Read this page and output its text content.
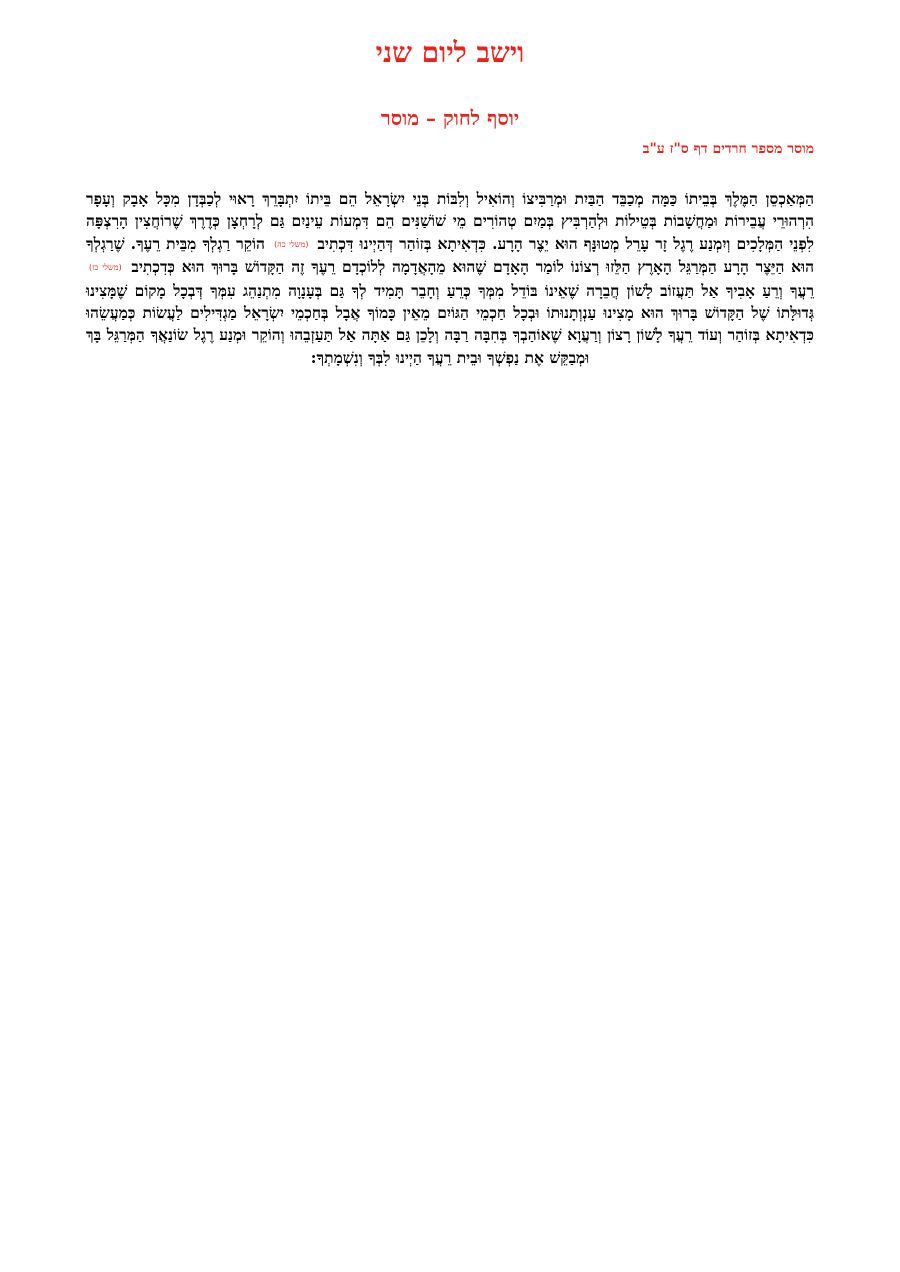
וישב ליום שני
יוסף לחוק – מוסר
מוסר מספר חרדים דף ס"ז ע"ב

הַמְּאַכְסֵן הַמֶּלֶךְ בְּבֵיתוֹ כַּמָּה מְכַבֵּד הַבַּיִת וּמְרַבִּיצוֹ וְהוֹאִיל וְלִבּוֹת בְּנֵי יִשְׂרָאֵל הֵם בֵּיתוֹ יִתְבָּרֵךְ רָאוּי לְכַבְּדָן מִכָּל אָבָק וְעָפָר הִרְהוּרֵי עֲבֵירוֹת וּמַחֲשָׁבוֹת בְּטֵילוֹת וּלְהַרְבִּיץ בְּמַיִם טְהוֹרִים מֵי שׁוֹשַׁנִּים הֵם דִּמְעוֹת עֵינַיִם גַּם לְרָחְצָן כְּדֶרֶךְ שֶׁרוֹחֲצִין הָרִצְפָּה לִפְנֵי הַמְּלָכִים וְיִמְנַע רֶגֶל זָר עָרֵל מְטוּנָּף הוּא יֵצֶר הָרָע. כִּדְאִיתָא בְּזוֹהַר דְּהַיְינוּ דִּכְתִיב (משלי כה) הוֹקֵר רַגְלְךָ מִבֵּית רֵעֶךָ. שֶׁרַגְלְךָ הוּא הַיֵּצֶר הָרָע הַמְּרַגֵּל הָאָרֶץ הַלֵּזוּ רְצוֹנוֹ לוֹמַר הָאָדָם שֶׁהוּא מֵהָאֲדָמָה לְלוֹכְדָם רֵעֶךָ זֶה הַקָּדוֹשׁ בָּרוּךְ הוּא כְּדִכְתִיב (משלי כז) רֵעֲךָ וְרֵעַ אָבִיךָ אַל תַּעֲזוֹב לָשׁוֹן חֲבֵרָה שֶׁאֵינוֹ בּוֹדֵל מִמְּךָ כְּרֵעַ וְחָבֵר תָּמִיד לְךָ גַּם בְּעָנָוָה מִתְנַהֵג עִמְּךָ דְּבְכָל מָקוֹם שֶׁמָּצִינוּ גְּדוּלָּתוֹ שֶׁל הַקָּדוֹשׁ בָּרוּךְ הוּא מָצִינוּ עַנְוְתָנוּתוֹ וּבְכָל חַכְמֵי הַגּוֹיִם מֵאֵין כָּמוֹךָ אֲבָל בְּחַכְמֵי יִשְׂרָאֵל מַגְדִּילִים לַעֲשׂוֹת כְּמַעֲשֵׂהוּ כִּדְאִיתָא בְּזוֹהַר וְעוֹד רֵעֲךָ לָשׁוֹן רָצוֹן וְרַעֲוָא שֶׁאוֹהַבְךָ בְּחִבָּה רַבָּה וְלָכֵן גַּם אַתָּה אַל תַּעַזְבֵהוּ וְהוֹקֵר וּמְנַע רֶגֶל שׂוֹנַאֲךָ הַמְּרַגֵּל בָּךְ וּמְבַקֵּשׁ אֶת נַפְשְׁךָ וּבֵית רֵעֲךָ הַיְינוּ לִבְּךָ וְנִשְׁמָתְךָ:
